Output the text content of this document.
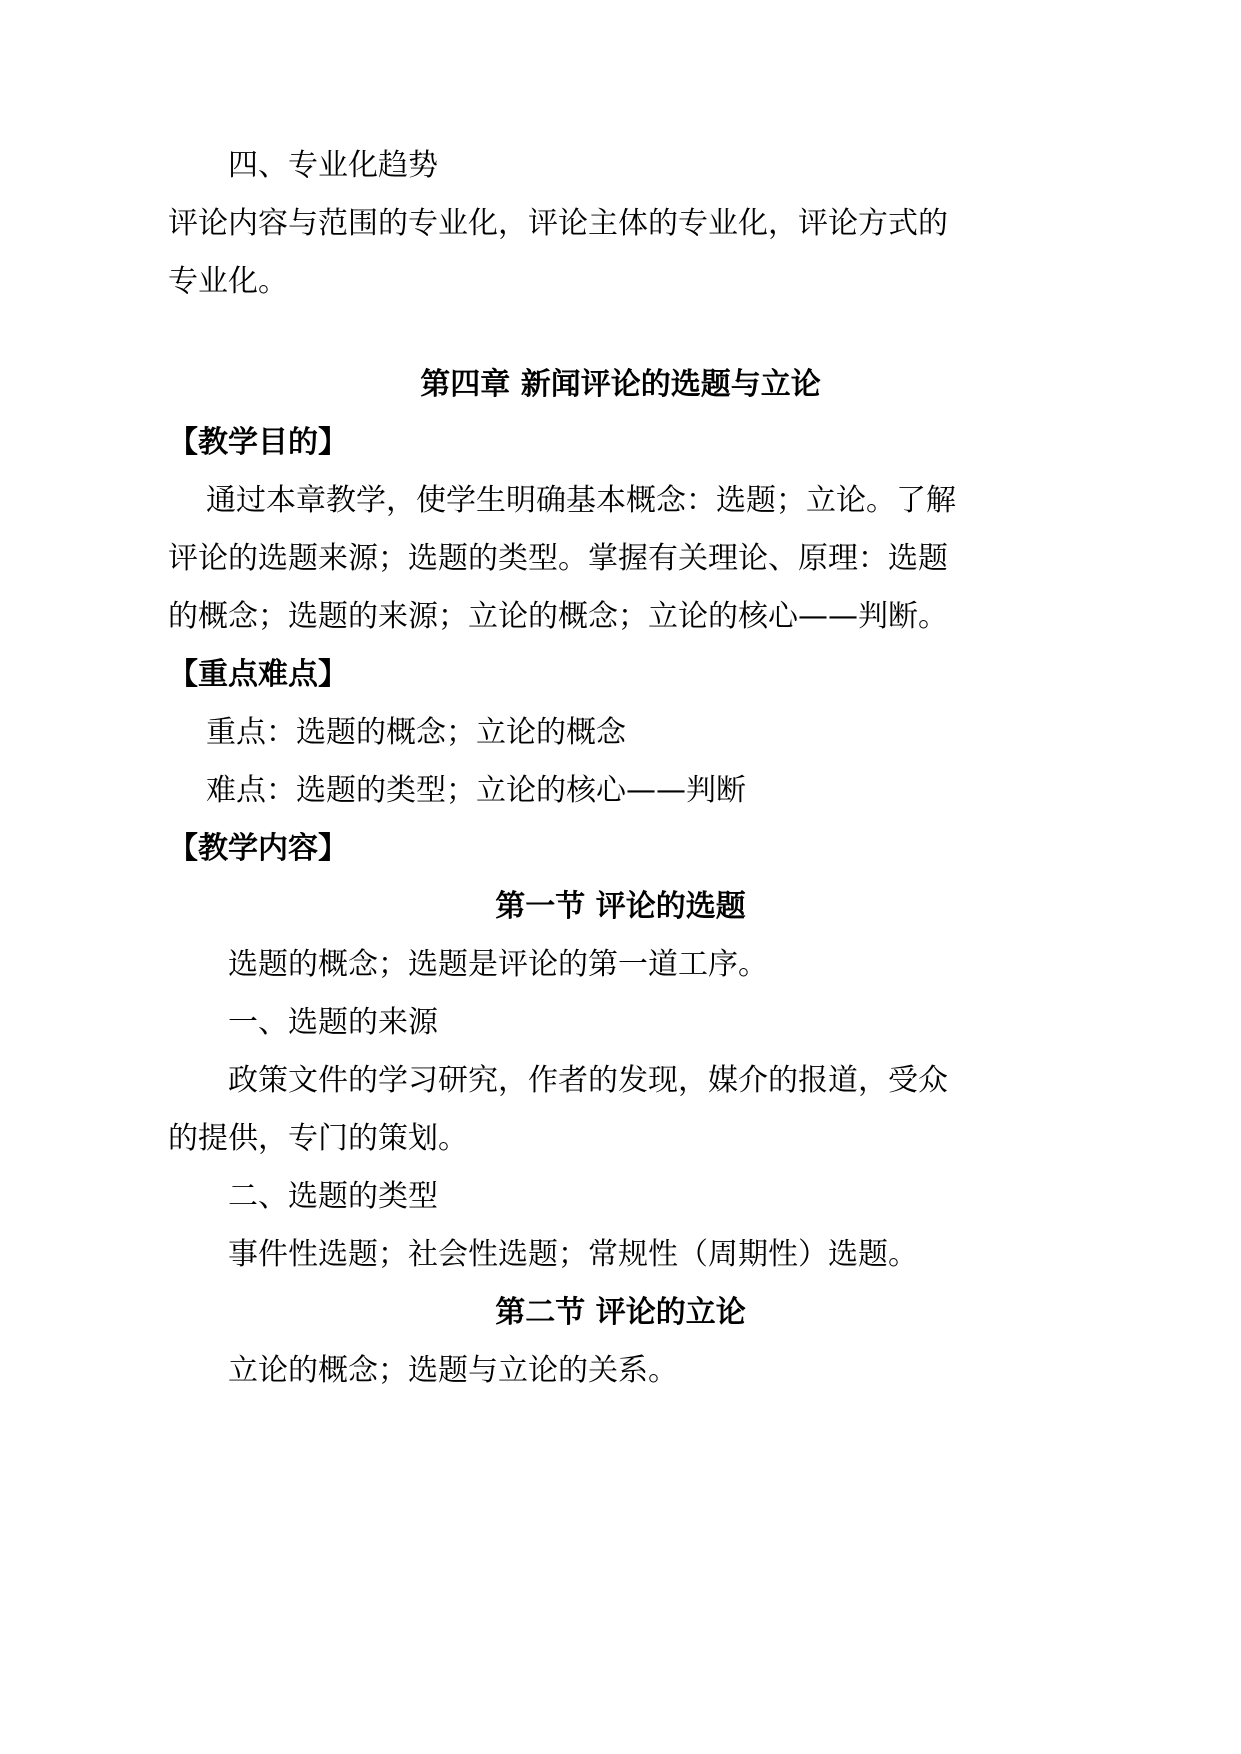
四、专业化趋势
评论内容与范围的专业化，评论主体的专业化，评论方式的
专业化。
第四章 新闻评论的选题与立论
【教学目的】
通过本章教学，使学生明确基本概念：选题；立论。了解
评论的选题来源；选题的类型。掌握有关理论、原理：选题
的概念；选题的来源；立论的概念；立论的核心——判断。
【重点难点】
重点：选题的概念；立论的概念
难点：选题的类型；立论的核心——判断
【教学内容】
第一节 评论的选题
选题的概念；选题是评论的第一道工序。
一、选题的来源
政策文件的学习研究，作者的发现，媒介的报道，受众
的提供，专门的策划。
二、选题的类型
事件性选题；社会性选题；常规性（周期性）选题。
第二节 评论的立论
立论的概念；选题与立论的关系。
